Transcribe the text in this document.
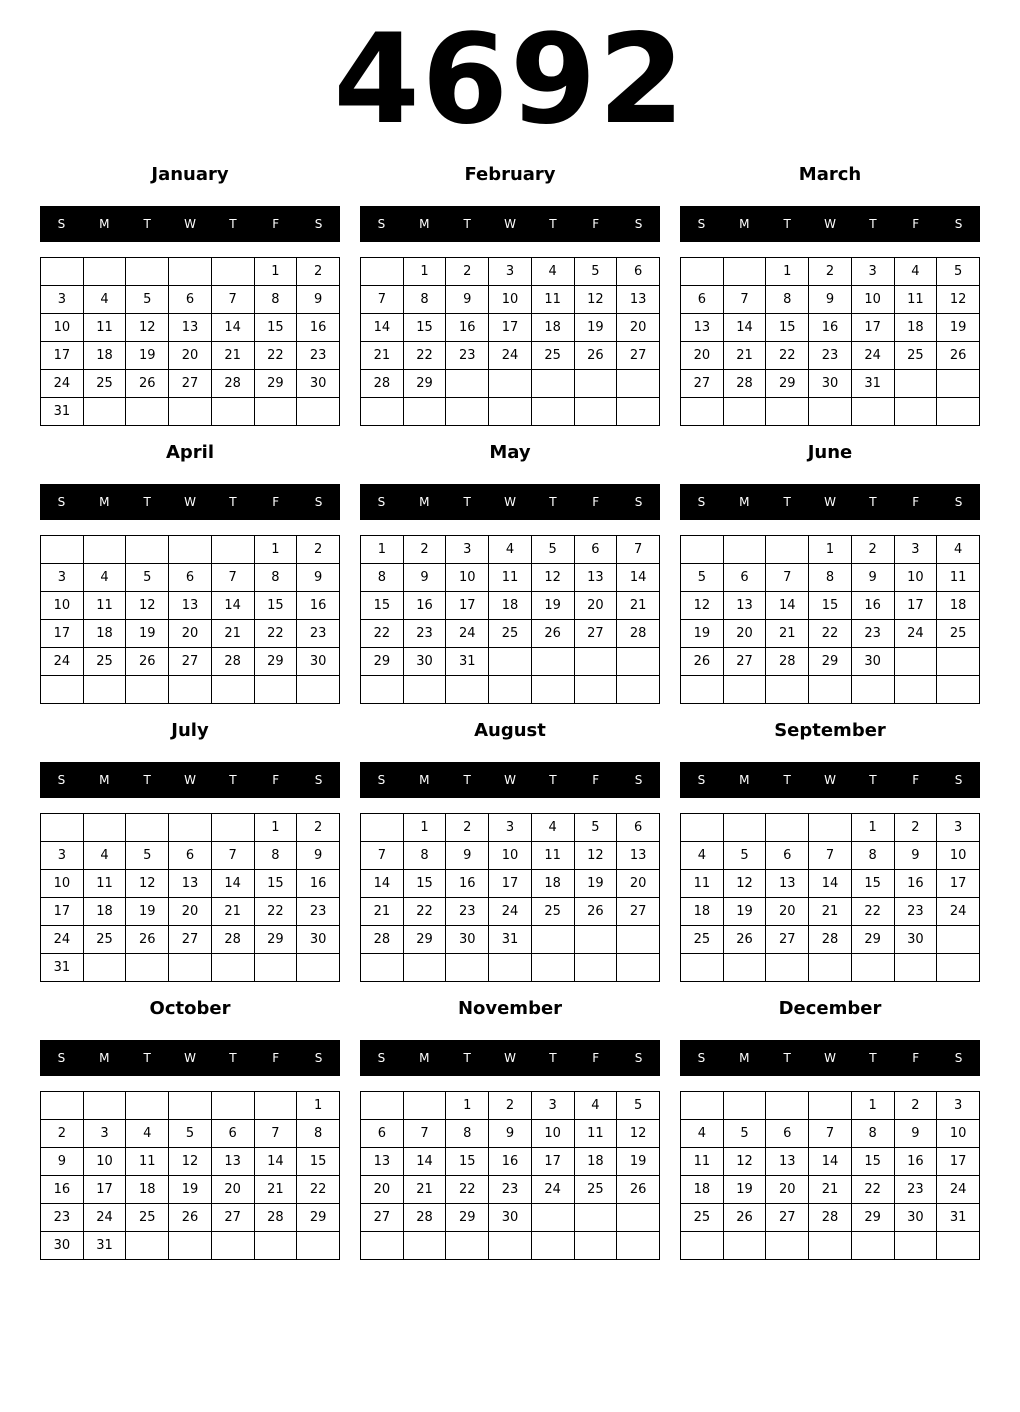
4692
January
S	M	T	W	T	F	S
					1	2
3	4	5	6	7	8	9
10	11	12	13	14	15	16
17	18	19	20	21	22	23
24	25	26	27	28	29	30
31						
February
S	M	T	W	T	F	S
	1	2	3	4	5	6
7	8	9	10	11	12	13
14	15	16	17	18	19	20
21	22	23	24	25	26	27
28	29					

March
S	M	T	W	T	F	S
		1	2	3	4	5
6	7	8	9	10	11	12
13	14	15	16	17	18	19
20	21	22	23	24	25	26
27	28	29	30	31		

April
S	M	T	W	T	F	S
					1	2
3	4	5	6	7	8	9
10	11	12	13	14	15	16
17	18	19	20	21	22	23
24	25	26	27	28	29	30

May
S	M	T	W	T	F	S
1	2	3	4	5	6	7
8	9	10	11	12	13	14
15	16	17	18	19	20	21
22	23	24	25	26	27	28
29	30	31				

June
S	M	T	W	T	F	S
			1	2	3	4
5	6	7	8	9	10	11
12	13	14	15	16	17	18
19	20	21	22	23	24	25
26	27	28	29	30		

July
S	M	T	W	T	F	S
					1	2
3	4	5	6	7	8	9
10	11	12	13	14	15	16
17	18	19	20	21	22	23
24	25	26	27	28	29	30
31						
August
S	M	T	W	T	F	S
	1	2	3	4	5	6
7	8	9	10	11	12	13
14	15	16	17	18	19	20
21	22	23	24	25	26	27
28	29	30	31			

September
S	M	T	W	T	F	S
				1	2	3
4	5	6	7	8	9	10
11	12	13	14	15	16	17
18	19	20	21	22	23	24
25	26	27	28	29	30	

October
S	M	T	W	T	F	S
						1
2	3	4	5	6	7	8
9	10	11	12	13	14	15
16	17	18	19	20	21	22
23	24	25	26	27	28	29
30	31					
November
S	M	T	W	T	F	S
		1	2	3	4	5
6	7	8	9	10	11	12
13	14	15	16	17	18	19
20	21	22	23	24	25	26
27	28	29	30			

December
S	M	T	W	T	F	S
				1	2	3
4	5	6	7	8	9	10
11	12	13	14	15	16	17
18	19	20	21	22	23	24
25	26	27	28	29	30	31
